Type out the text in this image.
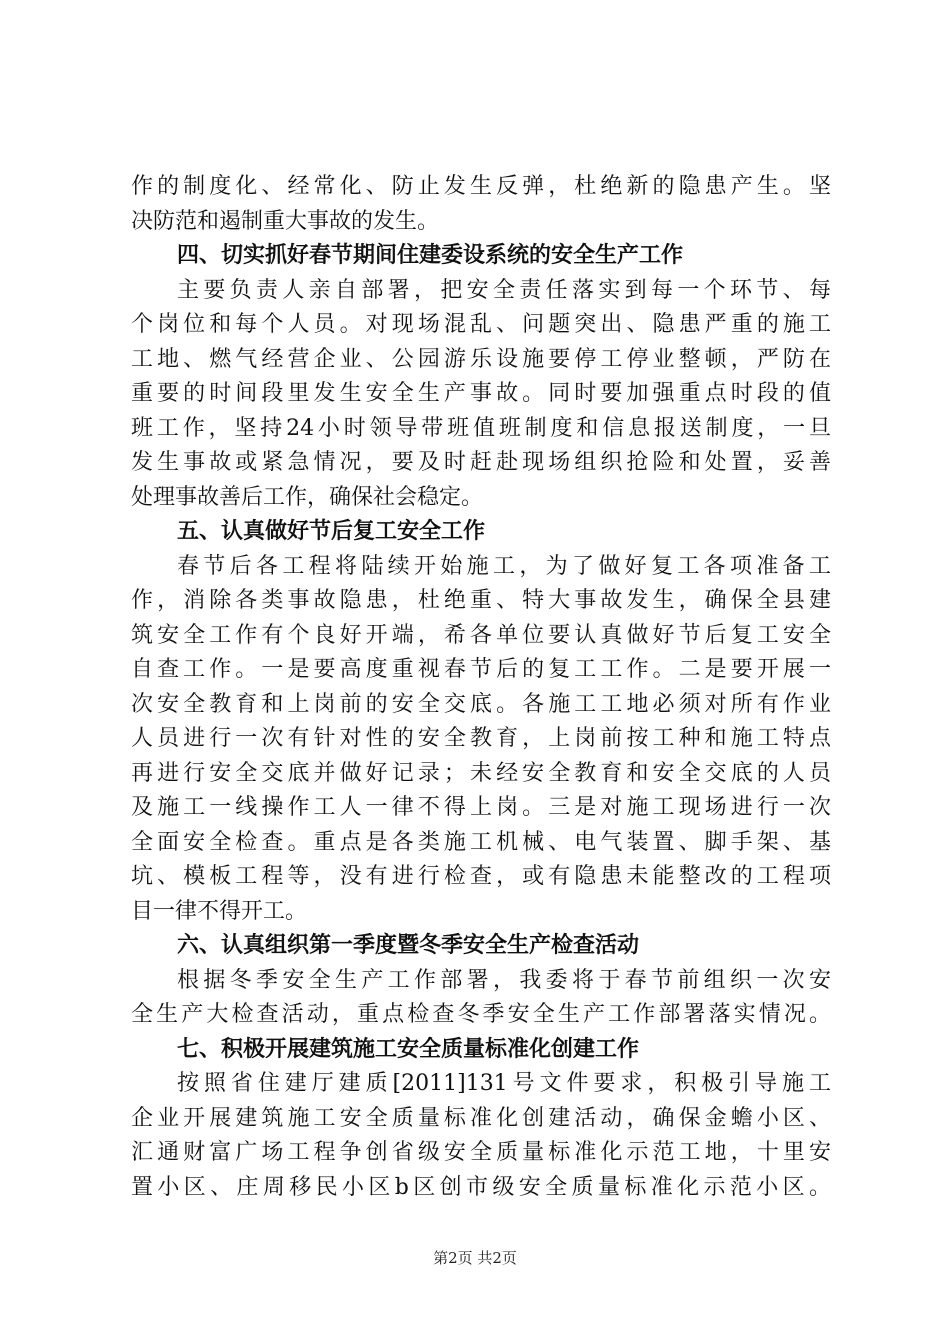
作的制度化、经常化、防止发生反弹，杜绝新的隐患产生。坚
决防范和遏制重大事故的发生。
四、切实抓好春节期间住建委设系统的安全生产工作
主要负责人亲自部署，把安全责任落实到每一个环节、每
个岗位和每个人员。对现场混乱、问题突出、隐患严重的施工
工地、燃气经营企业、公园游乐设施要停工停业整顿，严防在
重要的时间段里发生安全生产事故。同时要加强重点时段的值
班工作，坚持24小时领导带班值班制度和信息报送制度，一旦
发生事故或紧急情况，要及时赶赴现场组织抢险和处置，妥善
处理事故善后工作，确保社会稳定。
五、认真做好节后复工安全工作
春节后各工程将陆续开始施工，为了做好复工各项准备工
作，消除各类事故隐患，杜绝重、特大事故发生，确保全县建
筑安全工作有个良好开端，希各单位要认真做好节后复工安全
自查工作。一是要高度重视春节后的复工工作。二是要开展一
次安全教育和上岗前的安全交底。各施工工地必须对所有作业
人员进行一次有针对性的安全教育，上岗前按工种和施工特点
再进行安全交底并做好记录；未经安全教育和安全交底的人员
及施工一线操作工人一律不得上岗。三是对施工现场进行一次
全面安全检查。重点是各类施工机械、电气装置、脚手架、基
坑、模板工程等，没有进行检查，或有隐患未能整改的工程项
目一律不得开工。
六、认真组织第一季度暨冬季安全生产检查活动
根据冬季安全生产工作部署，我委将于春节前组织一次安
全生产大检查活动，重点检查冬季安全生产工作部署落实情况。
七、积极开展建筑施工安全质量标准化创建工作
按照省住建厅建质[2011]131号文件要求，积极引导施工
企业开展建筑施工安全质量标准化创建活动，确保金蟾小区、
汇通财富广场工程争创省级安全质量标准化示范工地，十里安
置小区、庄周移民小区b区创市级安全质量标准化示范小区。
第2页 共2页
